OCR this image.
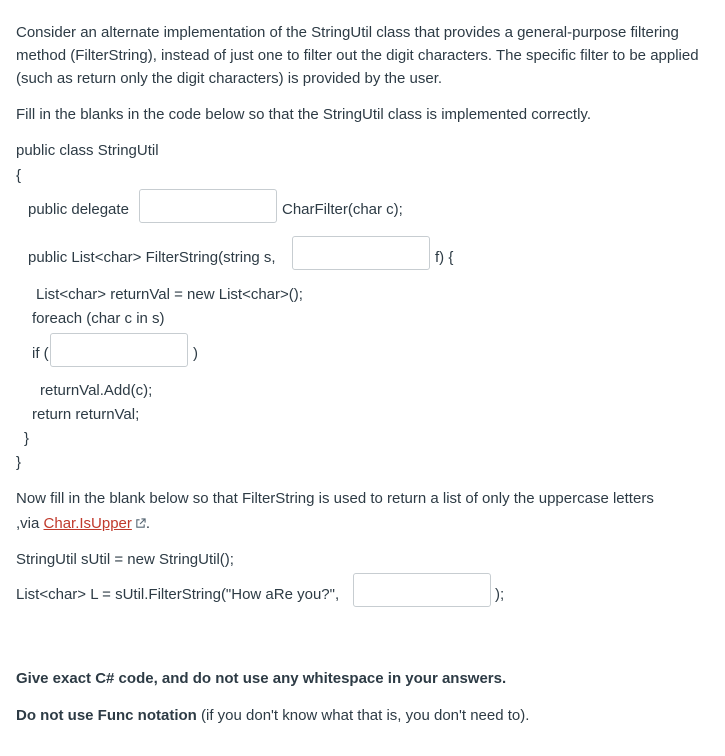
Consider an alternate implementation of the StringUtil class that provides a general-purpose filtering method (FilterString), instead of just one to filter out the digit characters. The specific filter to be applied (such as return only the digit characters) is provided by the user.
Fill in the blanks in the code below so that the StringUtil class is implemented correctly.
public class StringUtil
{
public delegate	CharFilter(char c);
public List<char> FilterString(string s,	f) {
List<char> returnVal = new List<char>();
foreach (char c in s)
if (	)
returnVal.Add(c);
return returnVal;
}
}
Now fill in the blank below so that FilterString is used to return a list of only the uppercase letters
,via Char.IsUpper .
StringUtil sUtil = new StringUtil();
List<char> L = sUtil.FilterString("How aRe you?",	);
Give exact C# code, and do not use any whitespace in your answers.
Do not use Func notation (if you don't know what that is, you don't need to).
